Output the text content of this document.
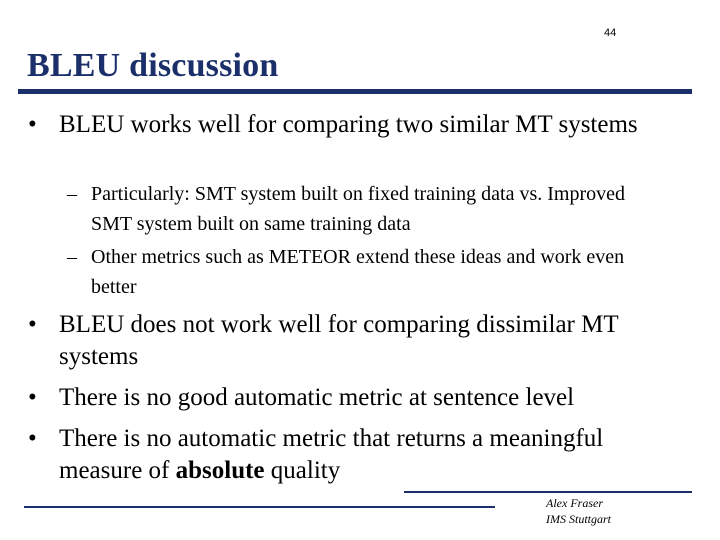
44
BLEU discussion
• BLEU works well for comparing two similar MT systems
– Particularly: SMT system built on fixed training data vs. Improved SMT system built on same training data
– Other metrics such as METEOR extend these ideas and work even better
• BLEU does not work well for comparing dissimilar MT systems
• There is no good automatic metric at sentence level
• There is no automatic metric that returns a meaningful measure of absolute quality
Alex Fraser
IMS Stuttgart
